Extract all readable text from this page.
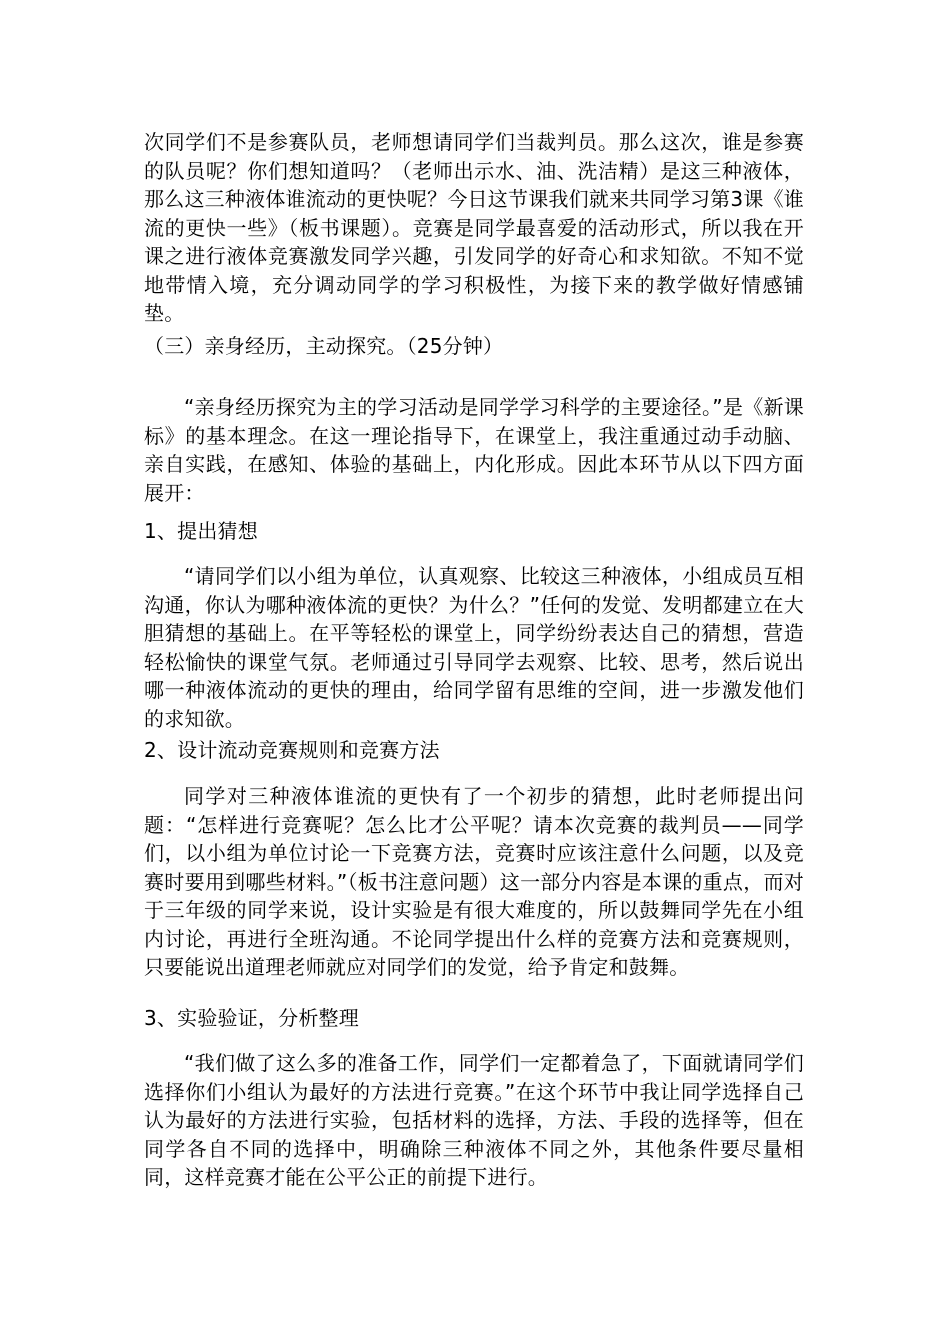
次同学们不是参赛队员，老师想请同学们当裁判员。那么这次，谁是参赛的队员呢？你们想知道吗？（老师出示水、油、洗洁精）是这三种液体，那么这三种液体谁流动的更快呢？今日这节课我们就来共同学习第3课《谁流的更快一些》（板书课题）。竞赛是同学最喜爱的活动形式，所以我在开课之进行液体竞赛激发同学兴趣，引发同学的好奇心和求知欲。不知不觉地带情入境，充分调动同学的学习积极性，为接下来的教学做好情感铺垫。

（三）亲身经历，主动探究。（25分钟）

“亲身经历探究为主的学习活动是同学学习科学的主要途径。”是《新课标》的基本理念。在这一理论指导下，在课堂上，我注重通过动手动脑、亲自实践，在感知、体验的基础上，内化形成。因此本环节从以下四方面展开：

1、提出猜想

“请同学们以小组为单位，认真观察、比较这三种液体，小组成员互相沟通，你认为哪种液体流的更快？为什么？”任何的发觉、发明都建立在大胆猜想的基础上。在平等轻松的课堂上，同学纷纷表达自己的猜想，营造轻松愉快的课堂气氛。老师通过引导同学去观察、比较、思考，然后说出哪一种液体流动的更快的理由，给同学留有思维的空间，进一步激发他们的求知欲。

2、设计流动竞赛规则和竞赛方法

同学对三种液体谁流的更快有了一个初步的猜想，此时老师提出问题：“怎样进行竞赛呢？怎么比才公平呢？请本次竞赛的裁判员——同学们，以小组为单位讨论一下竞赛方法，竞赛时应该注意什么问题，以及竞赛时要用到哪些材料。”（板书注意问题）这一部分内容是本课的重点，而对于三年级的同学来说，设计实验是有很大难度的，所以鼓舞同学先在小组内讨论，再进行全班沟通。不论同学提出什么样的竞赛方法和竞赛规则，只要能说出道理老师就应对同学们的发觉，给予肯定和鼓舞。

3、实验验证，分析整理

“我们做了这么多的准备工作，同学们一定都着急了，下面就请同学们选择你们小组认为最好的方法进行竞赛。”在这个环节中我让同学选择自己认为最好的方法进行实验，包括材料的选择，方法、手段的选择等，但在同学各自不同的选择中，明确除三种液体不同之外，其他条件要尽量相同，这样竞赛才能在公平公正的前提下进行。
